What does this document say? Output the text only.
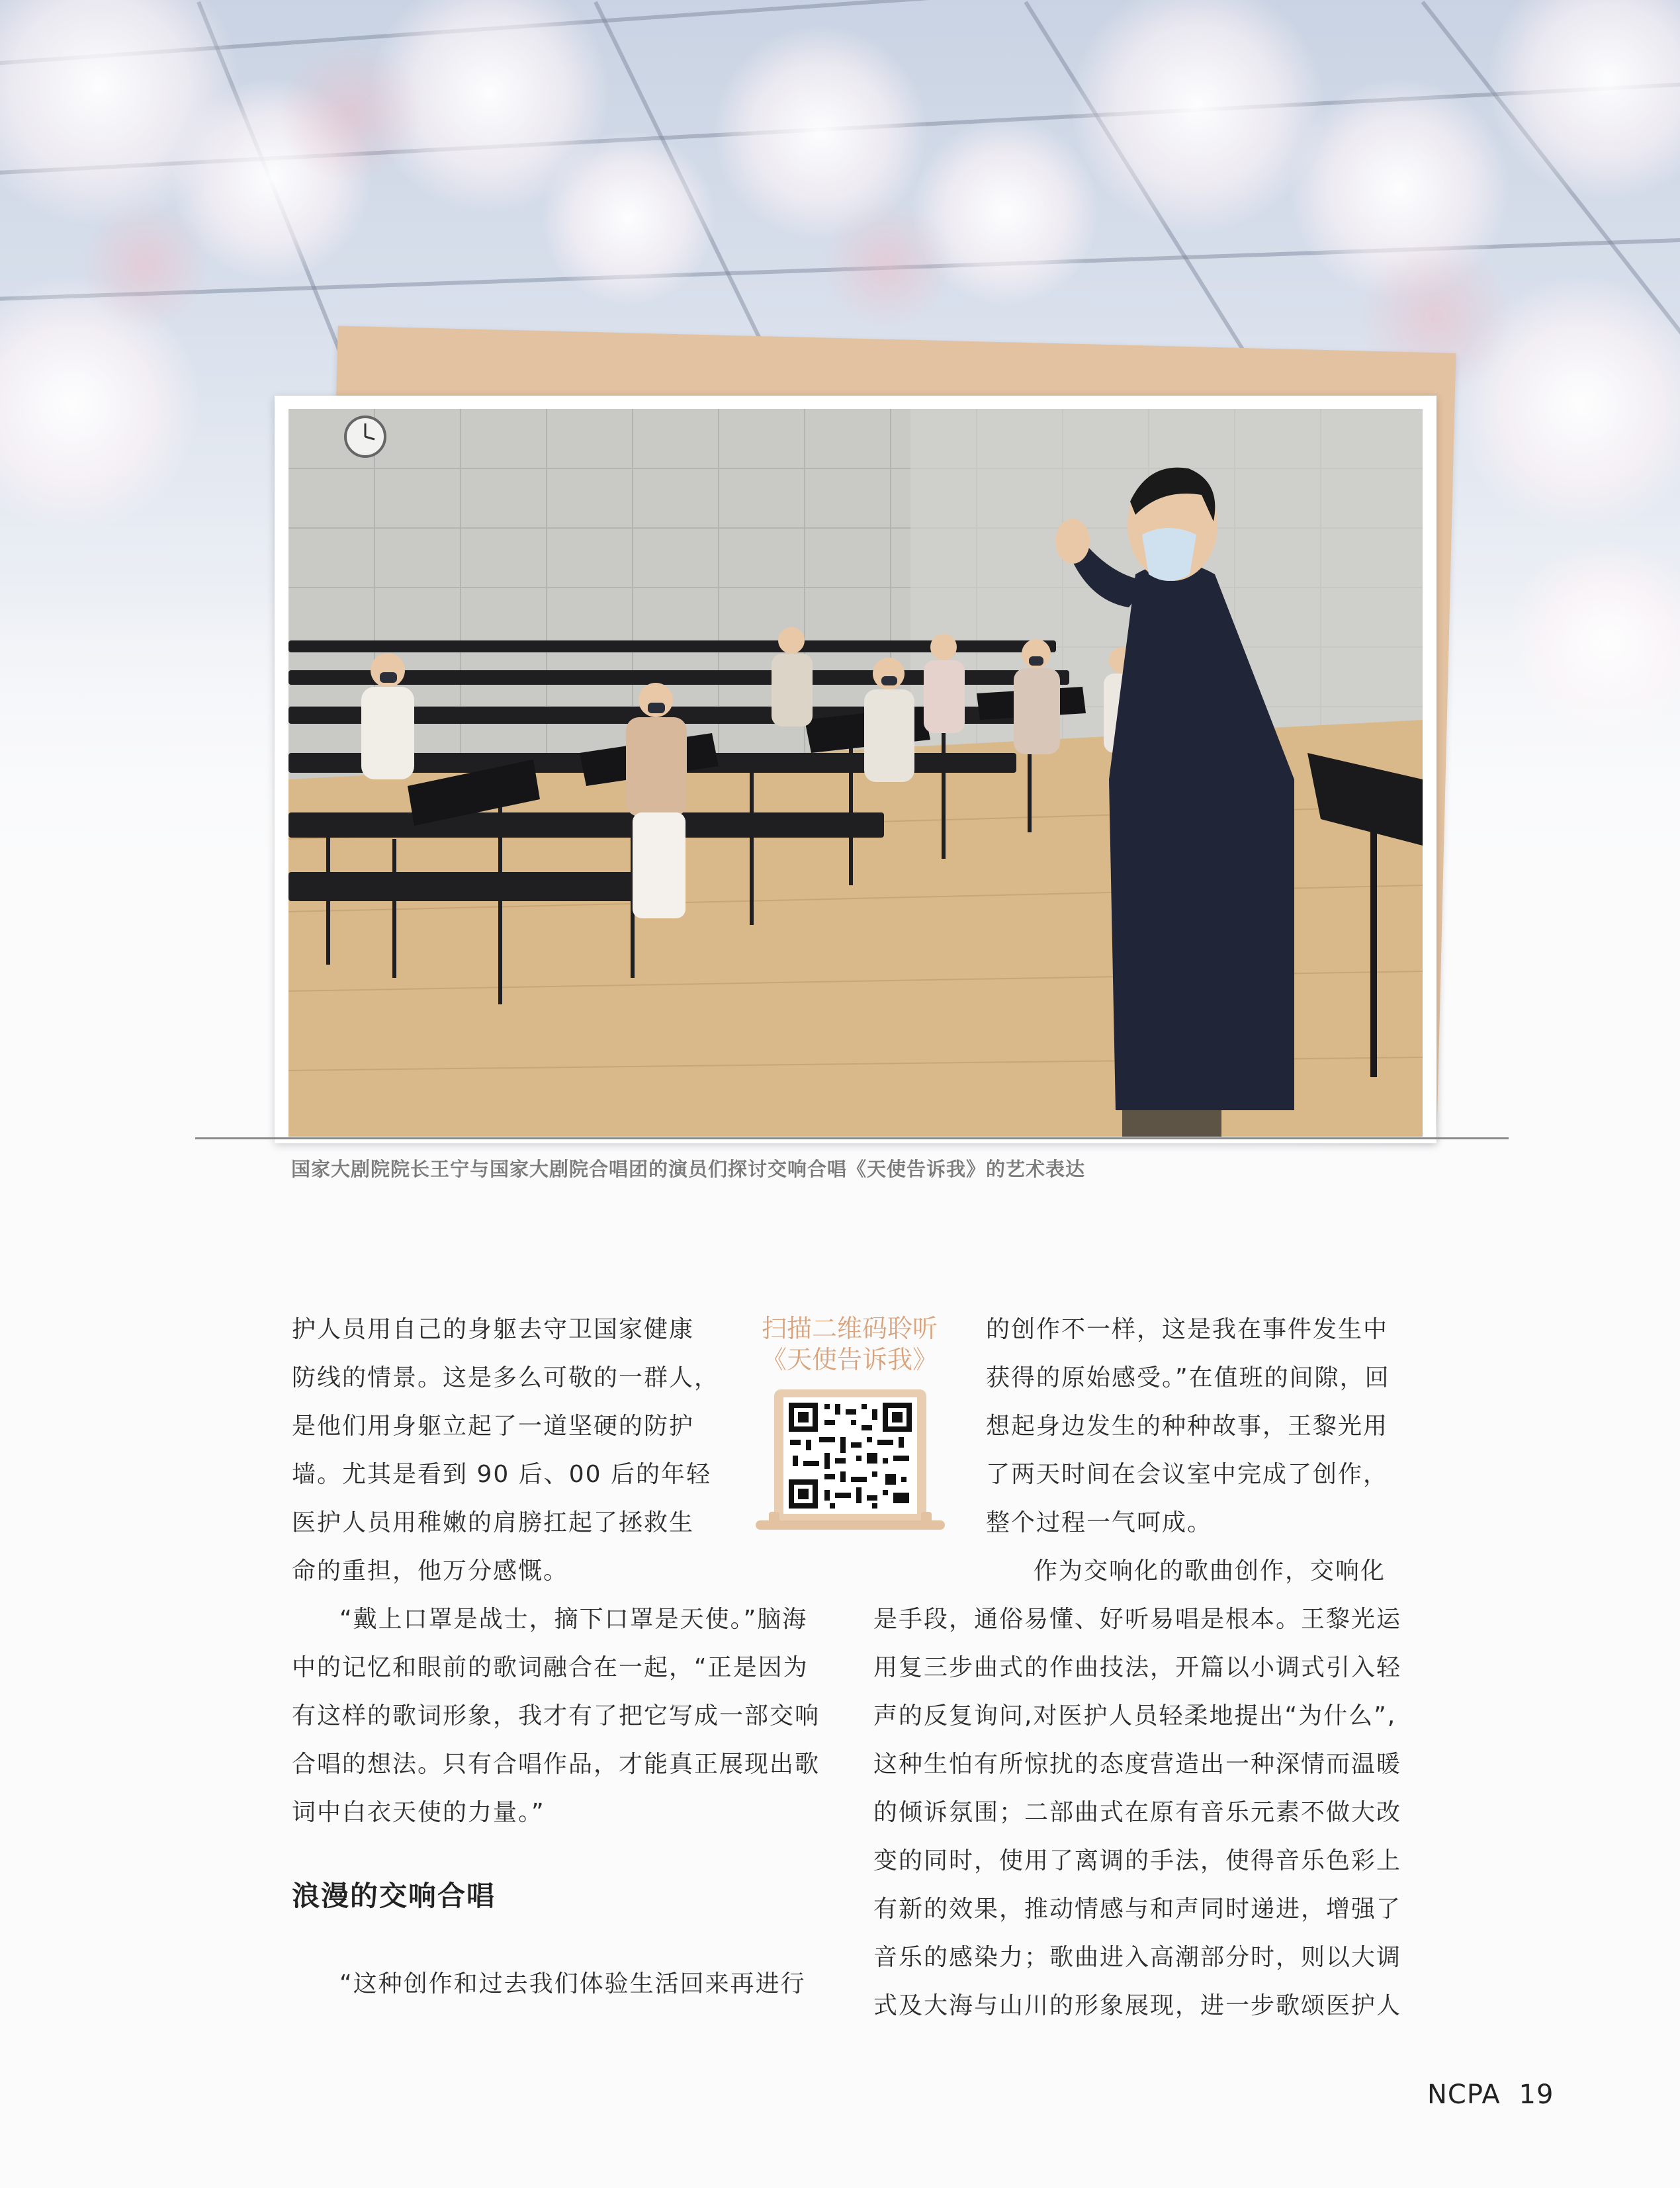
国家大剧院院长王宁与国家大剧院合唱团的演员们探讨交响合唱《天使告诉我》的艺术表达

护人员用自己的身躯去守卫国家健康

防线的情景。这是多么可敬的一群人，

是他们用身躯立起了一道坚硬的防护

墙。尤其是看到 90 后、00 后的年轻

医护人员用稚嫩的肩膀扛起了拯救生

命的重担，他万分感慨。

“戴上口罩是战士，摘下口罩是天使。”脑海

中的记忆和眼前的歌词融合在一起，“正是因为

有这样的歌词形象，我才有了把它写成一部交响

合唱的想法。只有合唱作品，才能真正展现出歌

词中白衣天使的力量。”

浪漫的交响合唱

“这种创作和过去我们体验生活回来再进行

扫描二维码聆听
《天使告诉我》

的创作不一样，这是我在事件发生中

获得的原始感受。”在值班的间隙，回

想起身边发生的种种故事，王黎光用

了两天时间在会议室中完成了创作，

整个过程一气呵成。

作为交响化的歌曲创作，交响化

是手段，通俗易懂、好听易唱是根本。王黎光运

用复三步曲式的作曲技法，开篇以小调式引入轻

声的反复询问,对医护人员轻柔地提出“为什么”,

这种生怕有所惊扰的态度营造出一种深情而温暖

的倾诉氛围；二部曲式在原有音乐元素不做大改

变的同时，使用了离调的手法，使得音乐色彩上

有新的效果，推动情感与和声同时递进，增强了

音乐的感染力；歌曲进入高潮部分时，则以大调

式及大海与山川的形象展现，进一步歌颂医护人

NCPA 19
